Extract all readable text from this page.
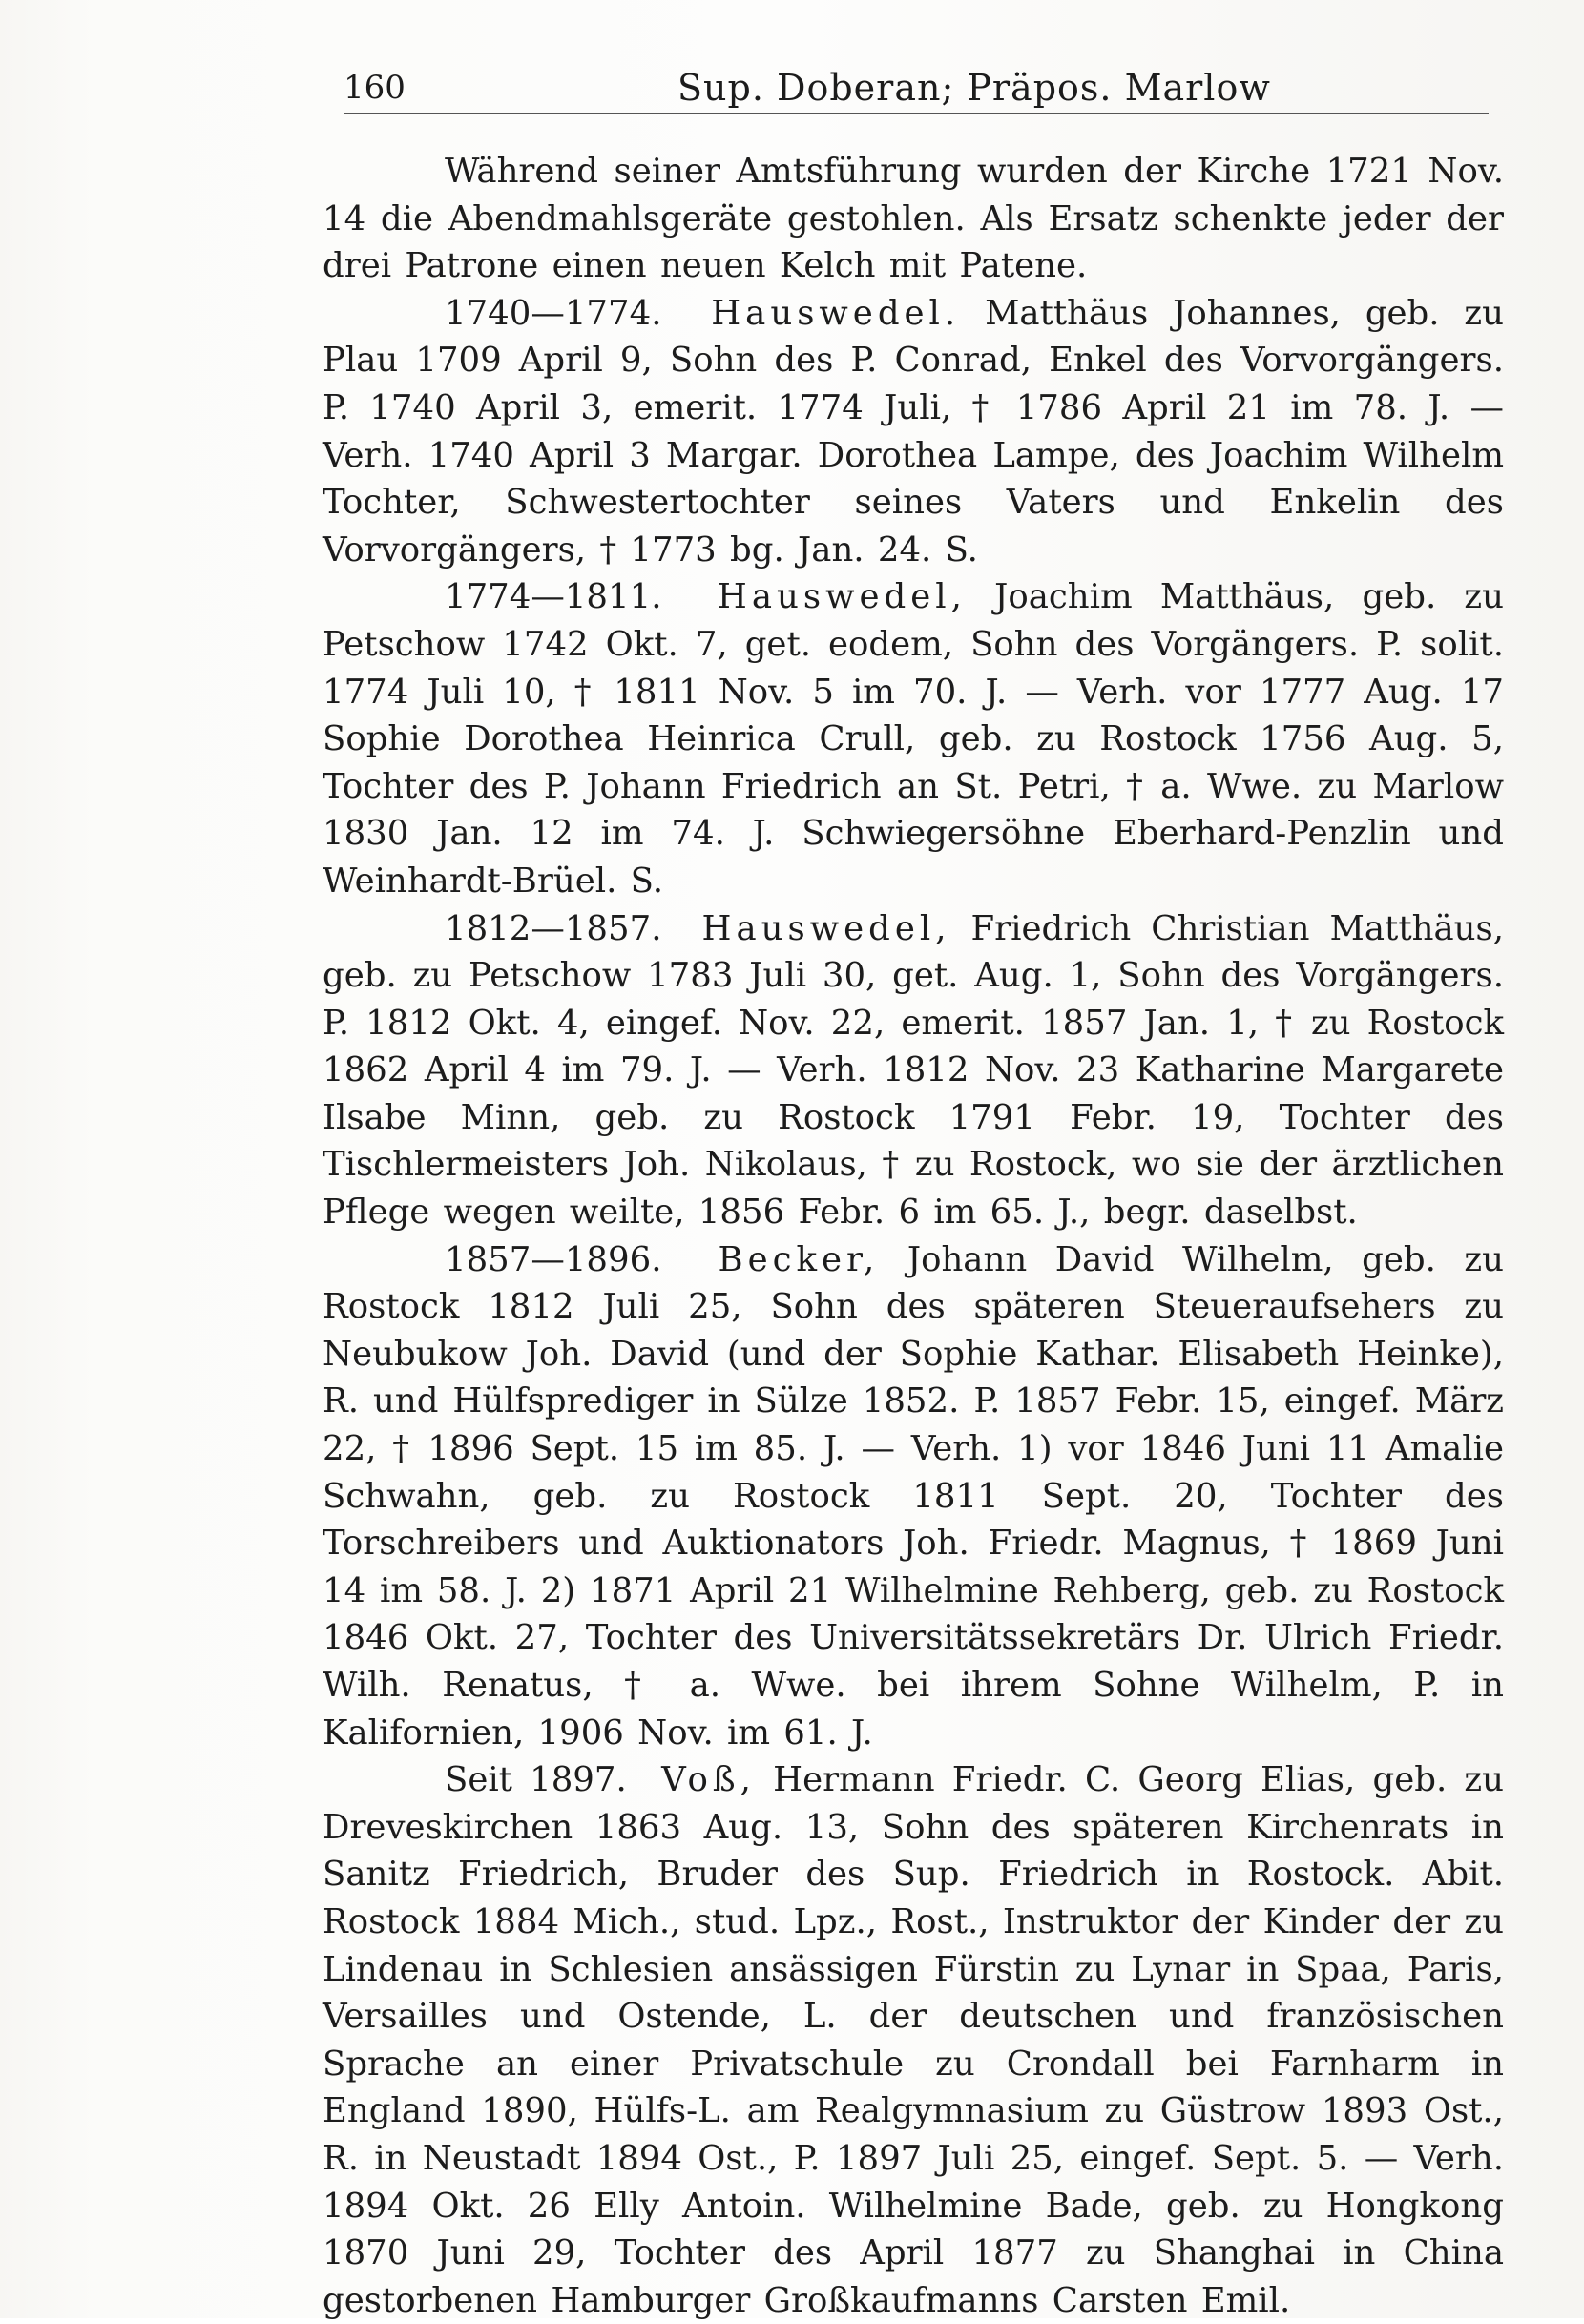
160	Sup. Doberan; Präpos. Marlow

Während seiner Amtsführung wurden der Kirche 1721 Nov. 14 die Abendmahlsgeräte gestohlen. Als Ersatz schenkte jeder der drei Patrone einen neuen Kelch mit Patene.

1740—1774. Hauswedel. Matthäus Johannes, geb. zu Plau 1709 April 9, Sohn des P. Conrad, Enkel des Vorvorgängers. P. 1740 April 3, emerit. 1774 Juli, † 1786 April 21 im 78. J. — Verh. 1740 April 3 Margar. Dorothea Lampe, des Joachim Wilhelm Tochter, Schwestertochter seines Vaters und Enkelin des Vorvorgängers, † 1773 bg. Jan. 24. S.

1774—1811. Hauswedel, Joachim Matthäus, geb. zu Petschow 1742 Okt. 7, get. eodem, Sohn des Vorgängers. P. solit. 1774 Juli 10, † 1811 Nov. 5 im 70. J. — Verh. vor 1777 Aug. 17 Sophie Dorothea Heinrica Crull, geb. zu Rostock 1756 Aug. 5, Tochter des P. Johann Friedrich an St. Petri, † a. Wwe. zu Marlow 1830 Jan. 12 im 74. J. Schwiegersöhne Eberhard-Penzlin und Weinhardt-Brüel. S.

1812—1857. Hauswedel, Friedrich Christian Matthäus, geb. zu Petschow 1783 Juli 30, get. Aug. 1, Sohn des Vorgängers. P. 1812 Okt. 4, eingef. Nov. 22, emerit. 1857 Jan. 1, † zu Rostock 1862 April 4 im 79. J. — Verh. 1812 Nov. 23 Katharine Margarete Ilsabe Minn, geb. zu Rostock 1791 Febr. 19, Tochter des Tischlermeisters Joh. Nikolaus, † zu Rostock, wo sie der ärztlichen Pflege wegen weilte, 1856 Febr. 6 im 65. J., begr. daselbst.

1857—1896. Becker, Johann David Wilhelm, geb. zu Rostock 1812 Juli 25, Sohn des späteren Steueraufsehers zu Neubukow Joh. David (und der Sophie Kathar. Elisabeth Heinke), R. und Hülfsprediger in Sülze 1852. P. 1857 Febr. 15, eingef. März 22, † 1896 Sept. 15 im 85. J. — Verh. 1) vor 1846 Juni 11 Amalie Schwahn, geb. zu Rostock 1811 Sept. 20, Tochter des Torschreibers und Auktionators Joh. Friedr. Magnus, † 1869 Juni 14 im 58. J. 2) 1871 April 21 Wilhelmine Rehberg, geb. zu Rostock 1846 Okt. 27, Tochter des Universitätssekretärs Dr. Ulrich Friedr. Wilh. Renatus, † a. Wwe. bei ihrem Sohne Wilhelm, P. in Kalifornien, 1906 Nov. im 61. J.

Seit 1897. Voß, Hermann Friedr. C. Georg Elias, geb. zu Dreveskirchen 1863 Aug. 13, Sohn des späteren Kirchenrats in Sanitz Friedrich, Bruder des Sup. Friedrich in Rostock. Abit. Rostock 1884 Mich., stud. Lpz., Rost., Instruktor der Kinder der zu Lindenau in Schlesien ansässigen Fürstin zu Lynar in Spaa, Paris, Versailles und Ostende, L. der deutschen und französischen Sprache an einer Privatschule zu Crondall bei Farnharm in England 1890, Hülfs-L. am Realgymnasium zu Güstrow 1893 Ost., R. in Neustadt 1894 Ost., P. 1897 Juli 25, eingef. Sept. 5. — Verh. 1894 Okt. 26 Elly Antoin. Wilhelmine Bade, geb. zu Hongkong 1870 Juni 29, Tochter des April 1877 zu Shanghai in China gestorbenen Hamburger Großkaufmanns Carsten Emil.
